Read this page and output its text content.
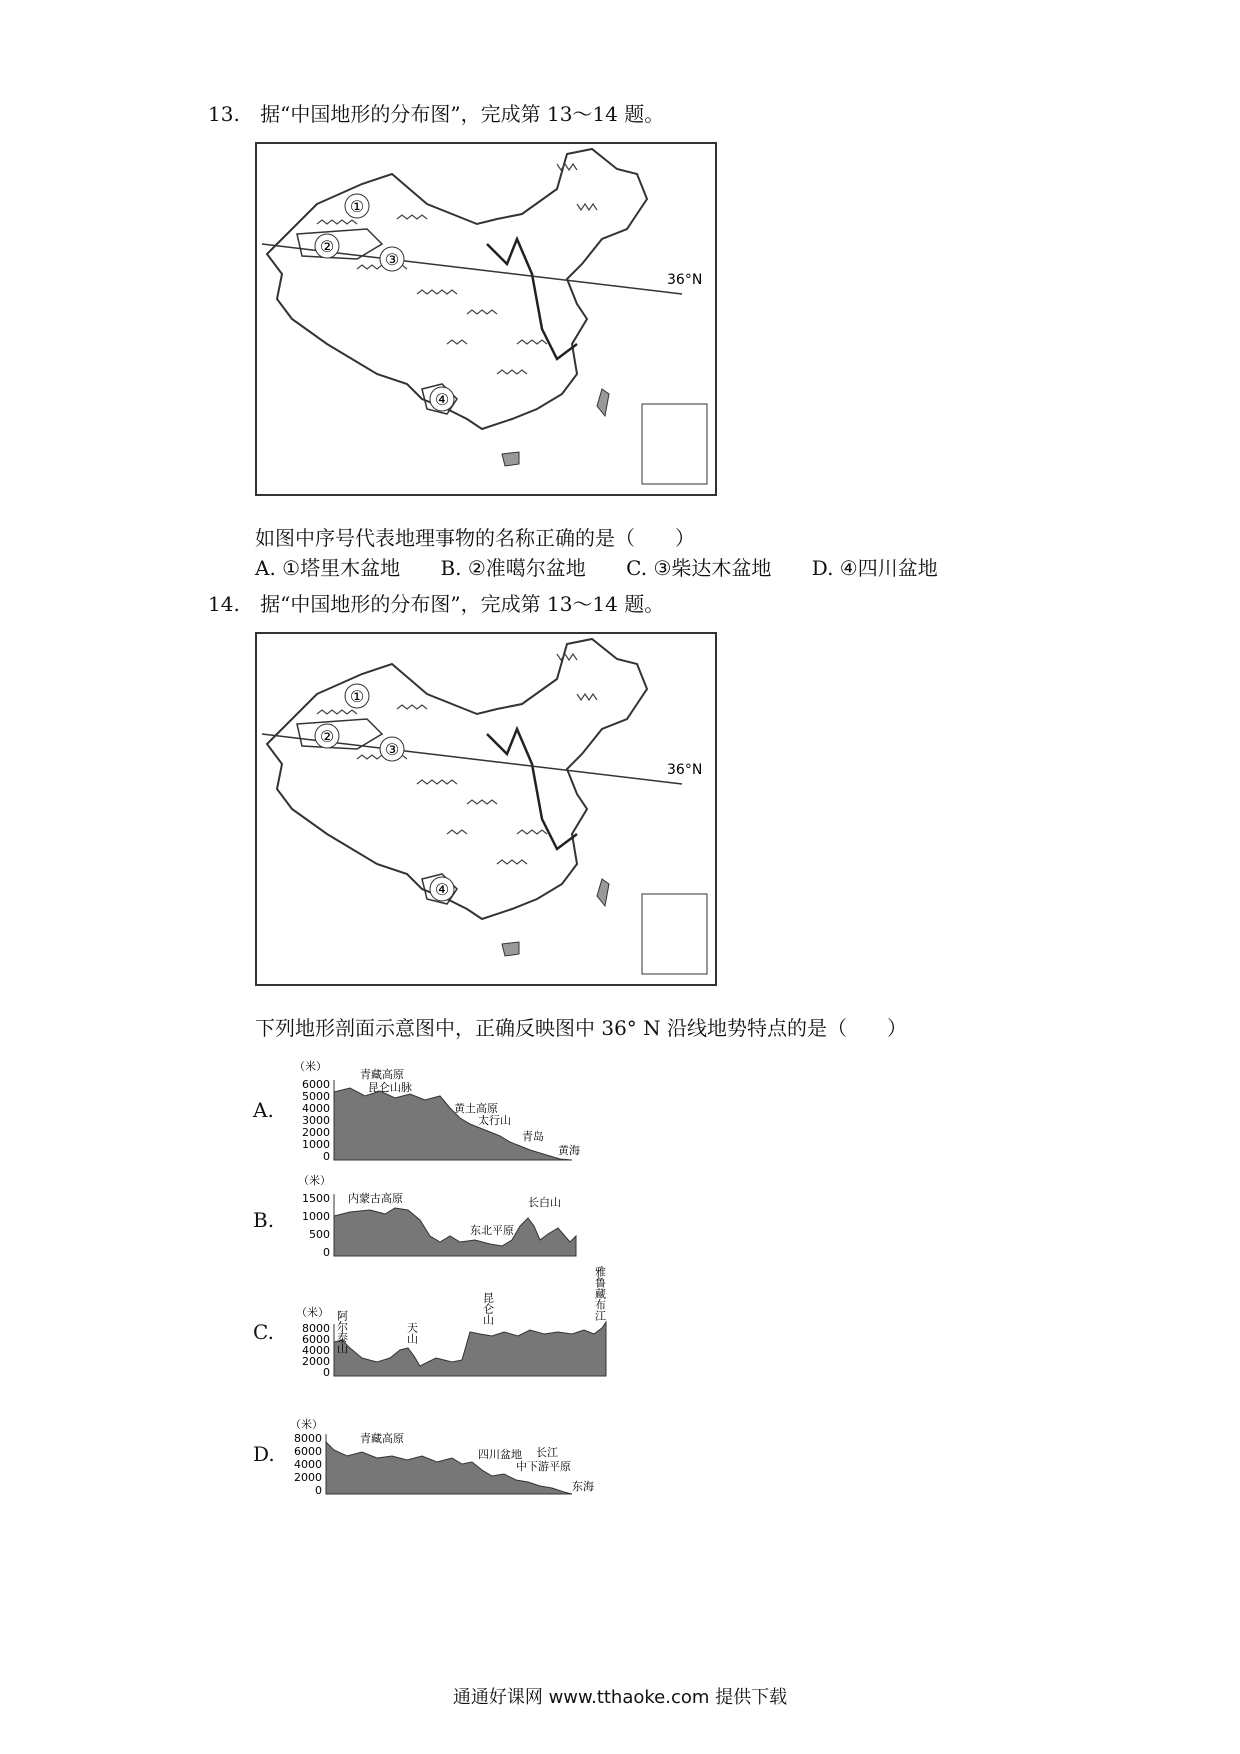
13. 据“中国地形的分布图”，完成第 13～14 题。
①
②
③
④
36°N
如图中序号代表地理事物的名称正确的是（　　）
A. ①塔里木盆地 B. ②准噶尔盆地 C. ③柴达木盆地 D. ④四川盆地
14. 据“中国地形的分布图”，完成第 13～14 题。
①
②
③
④
36°N
下列地形剖面示意图中，正确反映图中 36° N 沿线地势特点的是（　　）
A.
（米）
6000
5000
4000
3000
2000
1000
0
青藏高原
昆仑山脉
黄土高原
太行山
青岛
黄海
B.
（米）
1500
1000
500
0
内蒙古高原
东北平原
长白山
C.
（米）
8000
6000
4000
2000
0
阿尔泰山	天山
昆仑山	雅鲁藏布江
D.
（米）
8000
6000
4000
2000
0
青藏高原
四川盆地 长江
中下游平原
东海
通通好课网 www.tthaoke.com 提供下载
